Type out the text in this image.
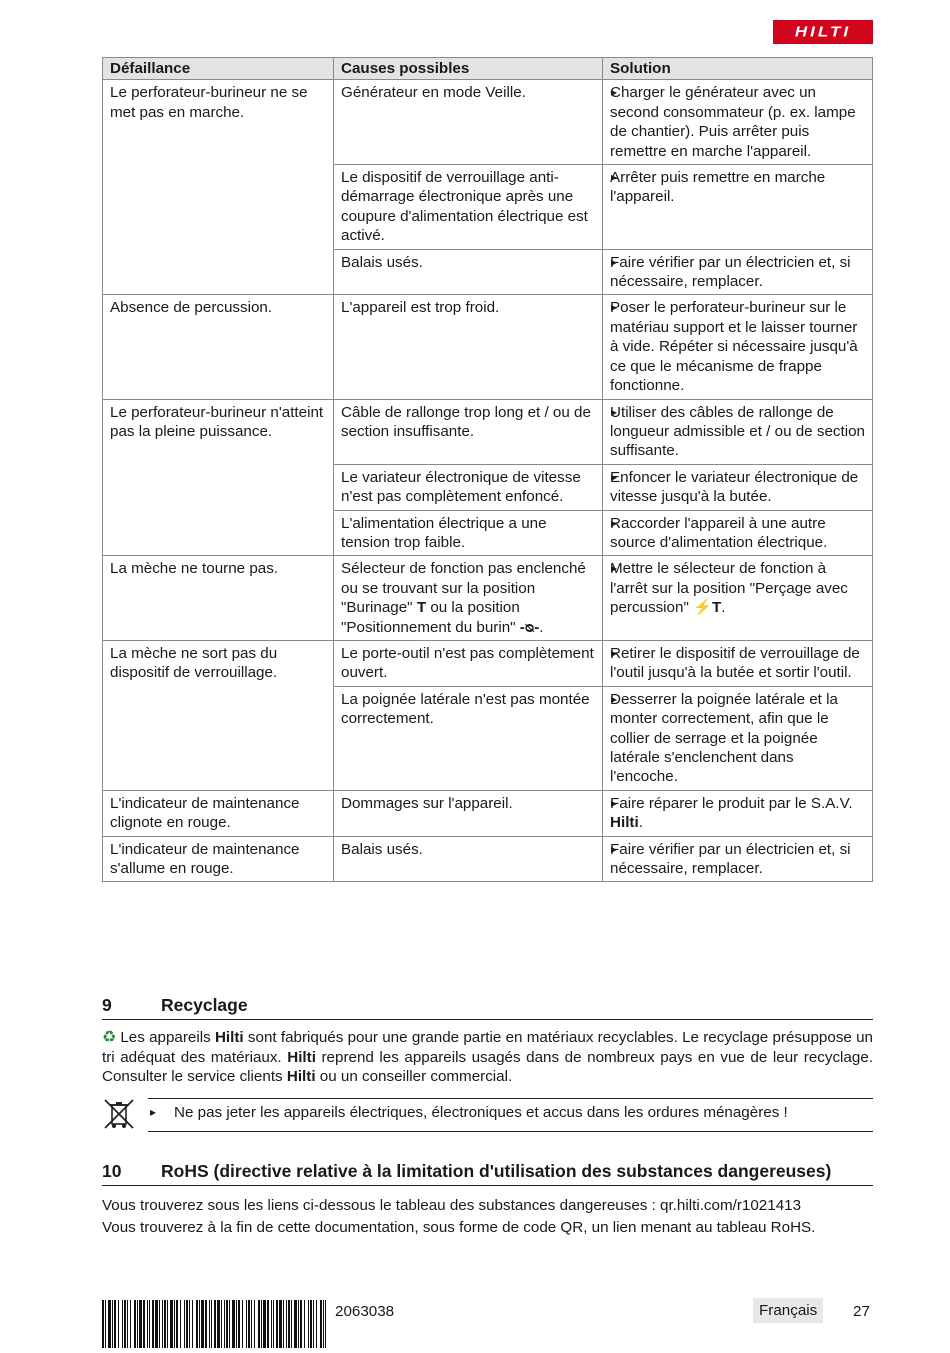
HILTI
Défaillance	Causes possibles	Solution
Le perforateur-burineur ne se met pas en marche.	Générateur en mode Veille.	▸ Charger le générateur avec un second consommateur (p. ex. lampe de chantier). Puis arrêter puis remettre en marche l'appareil.
	Le dispositif de verrouillage anti-démarrage électronique après une coupure d'alimentation électrique est activé.	▸ Arrêter puis remettre en marche l'appareil.
	Balais usés.	▸ Faire vérifier par un électricien et, si nécessaire, remplacer.
Absence de percussion.	L'appareil est trop froid.	▸ Poser le perforateur-burineur sur le matériau support et le laisser tourner à vide. Répéter si nécessaire jusqu'à ce que le mécanisme de frappe fonctionne.
Le perforateur-burineur n'atteint pas la pleine puissance.	Câble de rallonge trop long et / ou de section insuffisante.	▸ Utiliser des câbles de rallonge de longueur admissible et / ou de section suffisante.
	Le variateur électronique de vitesse n'est pas complètement enfoncé.	▸ Enfoncer le variateur électronique de vitesse jusqu'à la butée.
	L'alimentation électrique a une tension trop faible.	▸ Raccorder l'appareil à une autre source d'alimentation électrique.
La mèche ne tourne pas.	Sélecteur de fonction pas enclenché ou se trouvant sur la position "Burinage" T ou la position "Positionnement du burin" -ᴓ-.	▸ Mettre le sélecteur de fonction à l'arrêt sur la position "Perçage avec percussion" ⚡T.
La mèche ne sort pas du dispositif de verrouillage.	Le porte-outil n'est pas complètement ouvert.	▸ Retirer le dispositif de verrouillage de l'outil jusqu'à la butée et sortir l'outil.
	La poignée latérale n'est pas montée correctement.	▸ Desserrer la poignée latérale et la monter correctement, afin que le collier de serrage et la poignée latérale s'enclenchent dans l'encoche.
L'indicateur de maintenance clignote en rouge.	Dommages sur l'appareil.	▸ Faire réparer le produit par le S.A.V. Hilti.
L'indicateur de maintenance s'allume en rouge.	Balais usés.	▸ Faire vérifier par un électricien et, si nécessaire, remplacer.
9	Recyclage
♻ Les appareils Hilti sont fabriqués pour une grande partie en matériaux recyclables. Le recyclage présuppose un tri adéquat des matériaux. Hilti reprend les appareils usagés dans de nombreux pays en vue de leur recyclage. Consulter le service clients Hilti ou un conseiller commercial.
▸ Ne pas jeter les appareils électriques, électroniques et accus dans les ordures ménagères !
10 RoHS (directive relative à la limitation d'utilisation des substances dangereuses)
Vous trouverez sous les liens ci-dessous le tableau des substances dangereuses : qr.hilti.com/r1021413
Vous trouverez à la fin de cette documentation, sous forme de code QR, un lien menant au tableau RoHS.
2063038	Français	27
